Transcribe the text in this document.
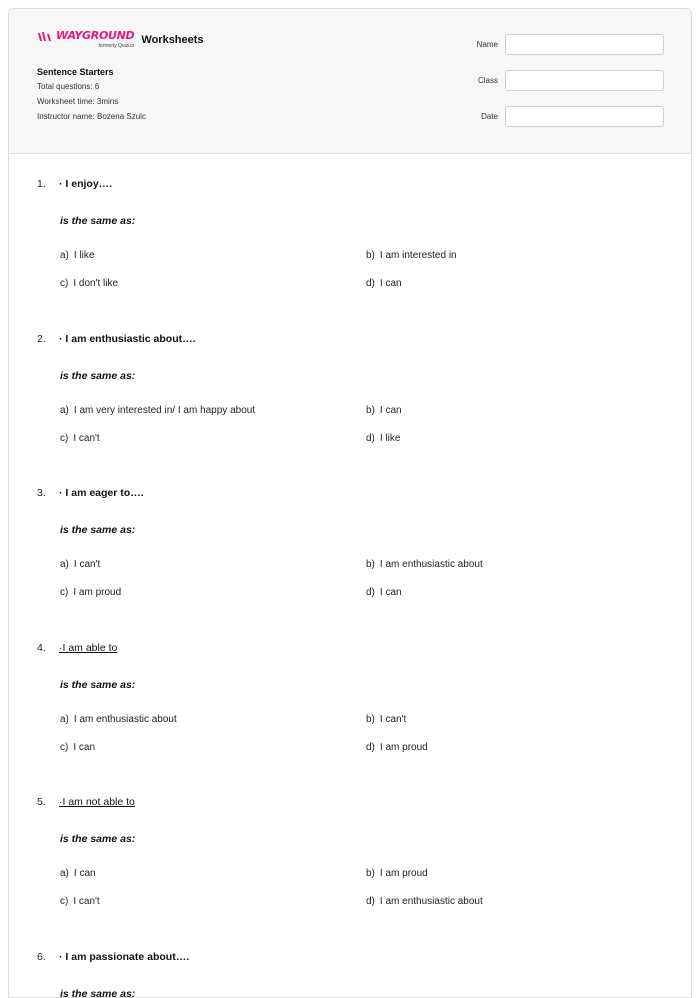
WAYGROUND
formerly Quizizz Worksheets
Sentence Starters
Total questions: 6
Worksheet time: 3mins
Instructor name: Bozena Szulc
Name
Class
Date
1.	· I enjoy….
is the same as:
a) I like	b) I am interested in
c) I don't like	d) I can
2.	· I am enthusiastic about….
is the same as:
a) I am very interested in/ I am happy about	b) I can
c) I can't	d) I like
3.	· I am eager to….
is the same as:
a) I can't	b) I am enthusiastic about
c) I am proud	d) I can
4.	·I am able to
is the same as:
a) I am enthusiastic about	b) I can't
c) I can	d) I am proud
5.	·I am not able to
is the same as:
a) I can	b) I am proud
c) I can't	d) I am enthusiastic about
6.	· I am passionate about….
is the same as:
